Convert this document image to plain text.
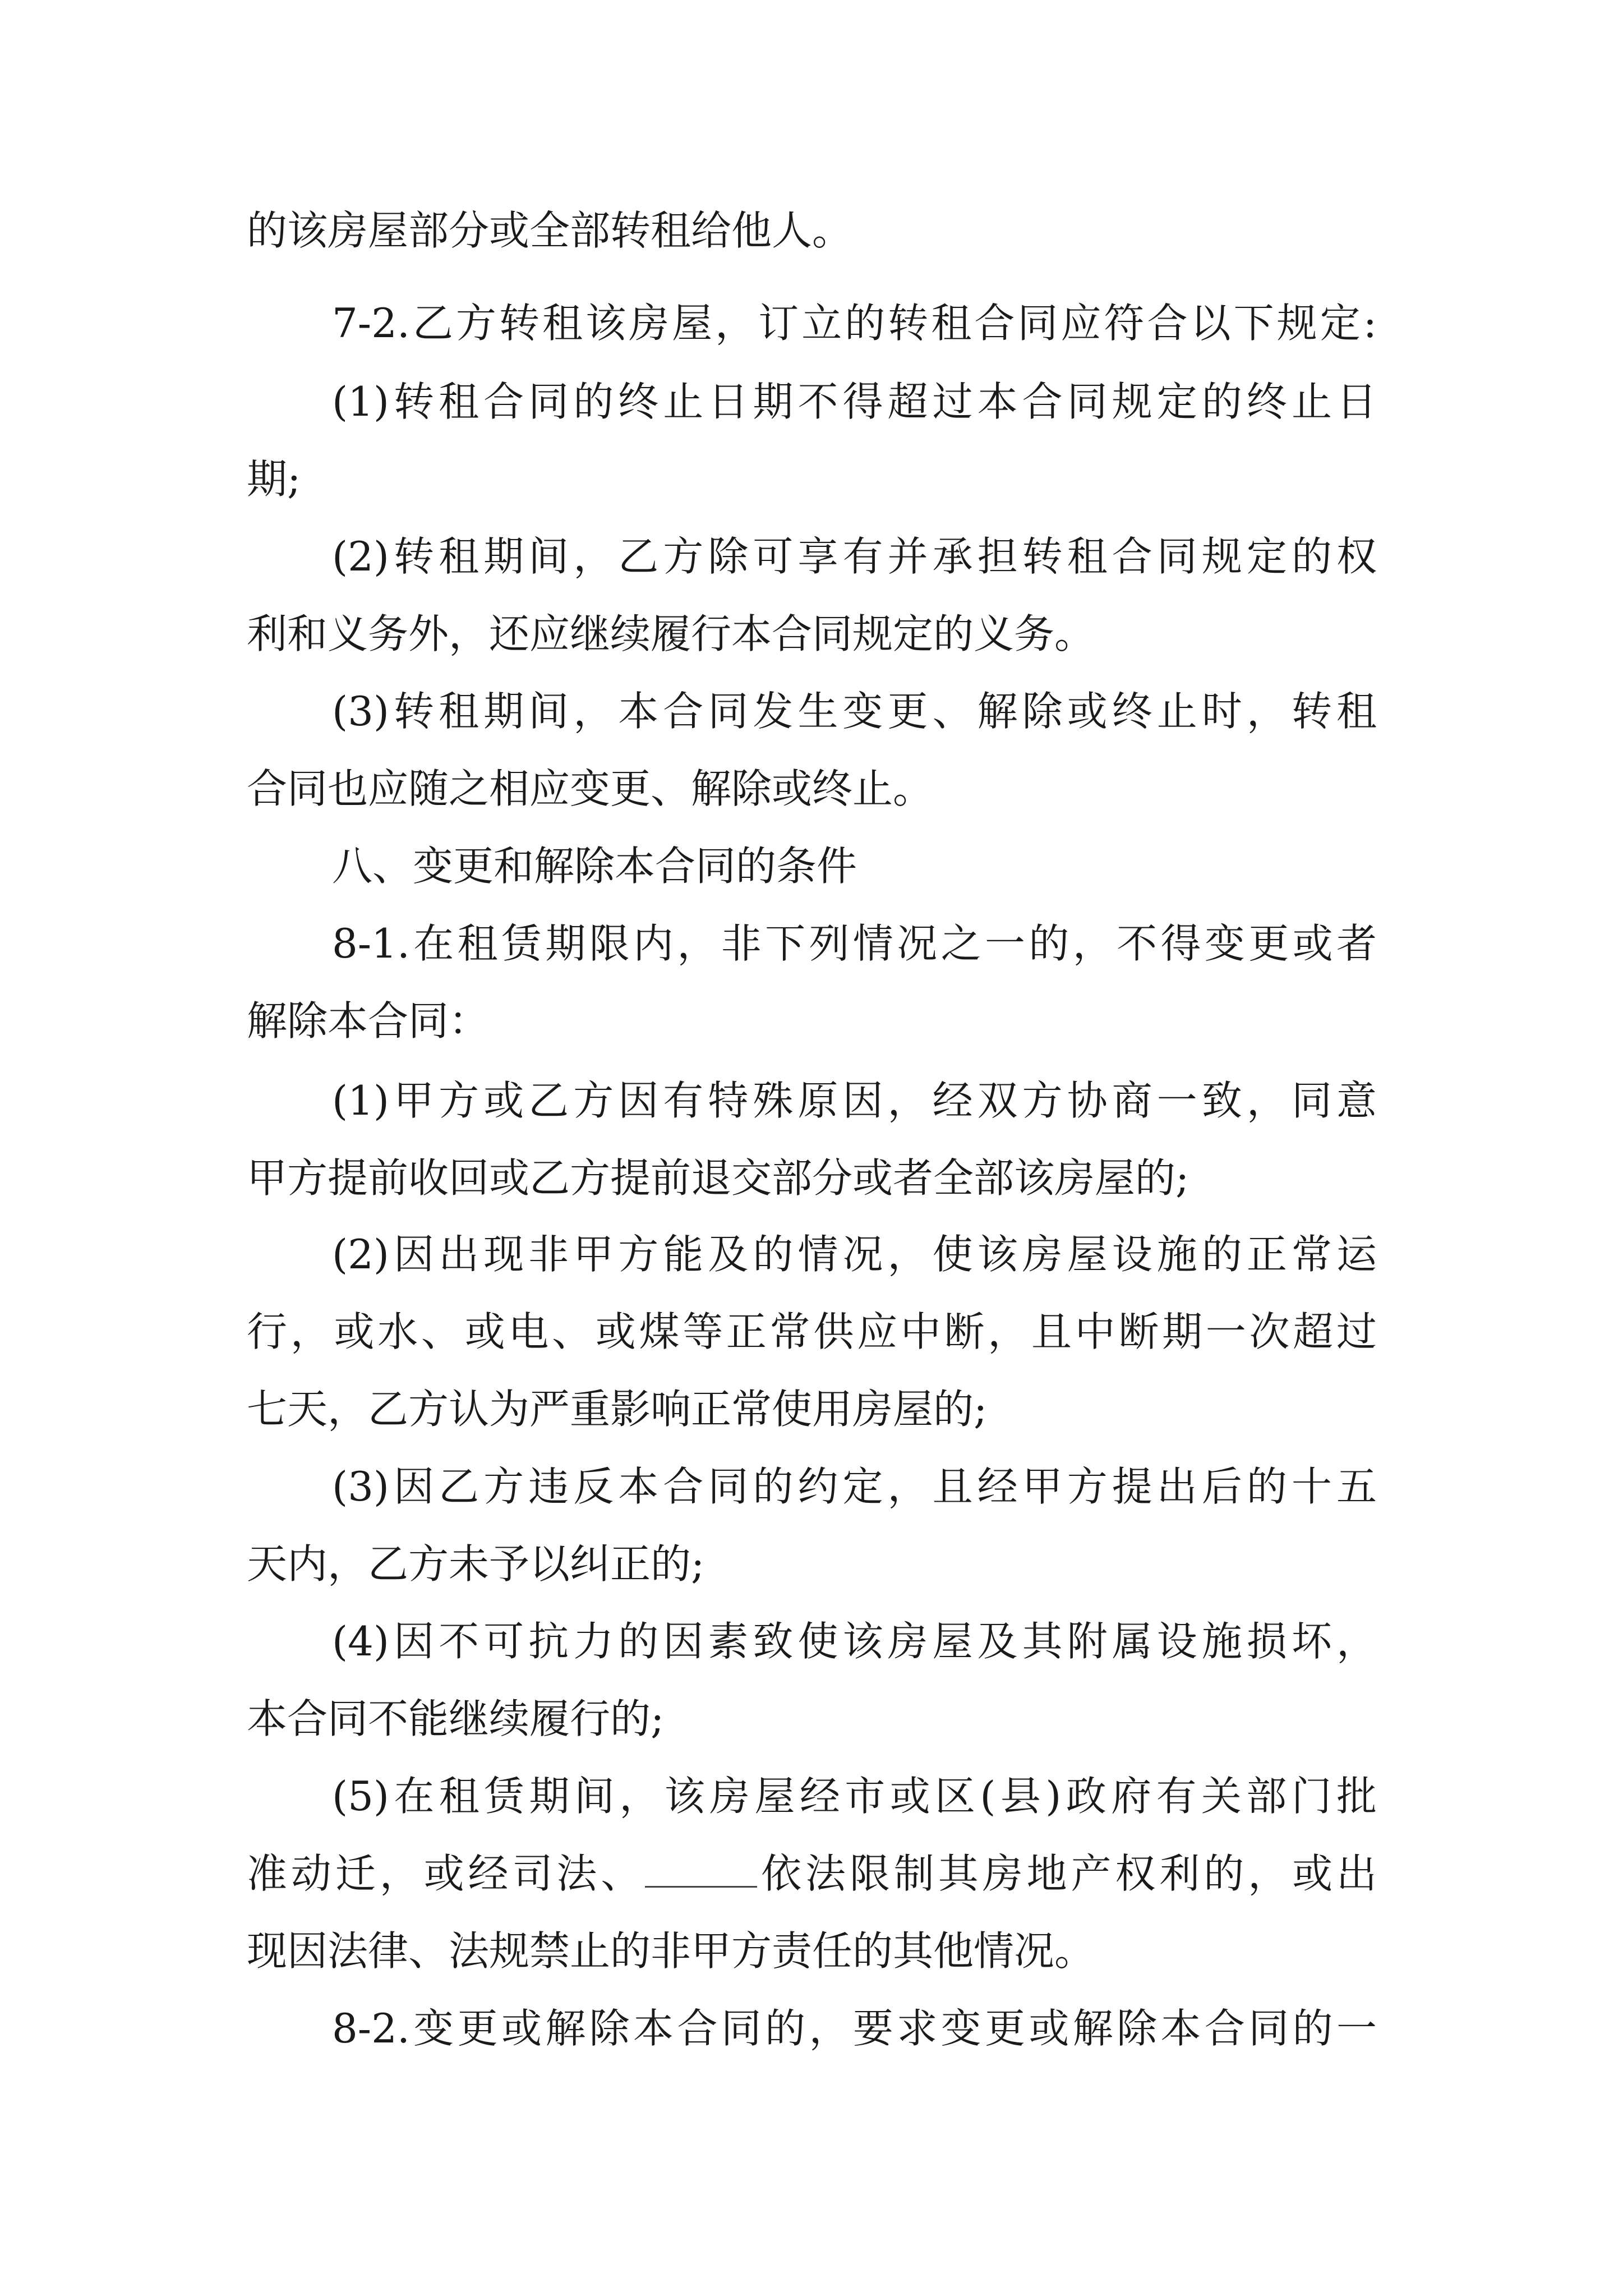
的该房屋部分或全部转租给他人。
7-2.乙方转租该房屋，订立的转租合同应符合以下规定:
(1)转租合同的终止日期不得超过本合同规定的终止日
期;
(2)转租期间，乙方除可享有并承担转租合同规定的权
利和义务外，还应继续履行本合同规定的义务。
(3)转租期间，本合同发生变更、解除或终止时，转租
合同也应随之相应变更、解除或终止。
八、变更和解除本合同的条件
8-1.在租赁期限内，非下列情况之一的，不得变更或者
解除本合同：
(1)甲方或乙方因有特殊原因，经双方协商一致，同意
甲方提前收回或乙方提前退交部分或者全部该房屋的;
(2)因出现非甲方能及的情况，使该房屋设施的正常运
行，或水、或电、或煤等正常供应中断，且中断期一次超过
七天，乙方认为严重影响正常使用房屋的;
(3)因乙方违反本合同的约定，且经甲方提出后的十五
天内，乙方未予以纠正的;
(4)因不可抗力的因素致使该房屋及其附属设施损坏，
本合同不能继续履行的;
(5)在租赁期间，该房屋经市或区(县)政府有关部门批
准动迁，或经司法、	依法限制其房地产权利的，或出
现因法律、法规禁止的非甲方责任的其他情况。
8-2.变更或解除本合同的，要求变更或解除本合同的一
